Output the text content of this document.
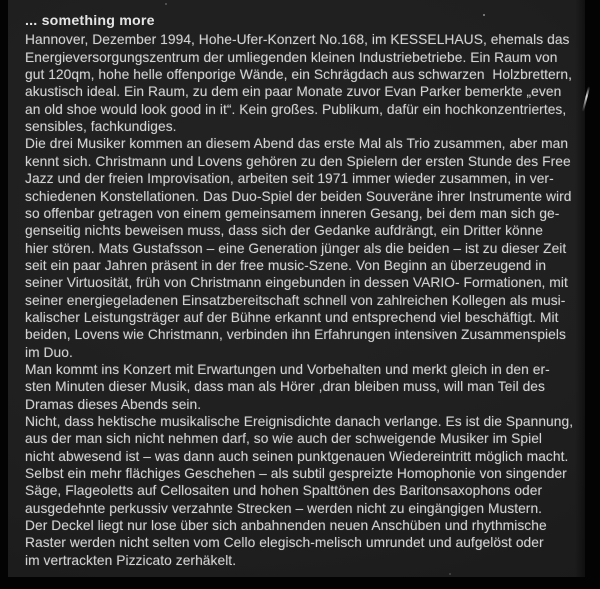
... something more
Hannover, Dezember 1994, Hohe-Ufer-Konzert No.168, im KESSELHAUS, ehemals das
Energieversorgungszentrum der umliegenden kleinen Industriebetriebe. Ein Raum von
gut 120qm, hohe helle offenporige Wände, ein Schrägdach aus schwarzen  Holzbrettern,
akustisch ideal. Ein Raum, zu dem ein paar Monate zuvor Evan Parker bemerkte „even
an old shoe would look good in it“. Kein großes. Publikum, dafür ein hochkonzentriertes,
sensibles, fachkundiges.
Die drei Musiker kommen an diesem Abend das erste Mal als Trio zusammen, aber man
kennt sich. Christmann und Lovens gehören zu den Spielern der ersten Stunde des Free
Jazz und der freien Improvisation, arbeiten seit 1971 immer wieder zusammen, in ver-
schiedenen Konstellationen. Das Duo-Spiel der beiden Souveräne ihrer Instrumente wird
so offenbar getragen von einem gemeinsamem inneren Gesang, bei dem man sich ge-
genseitig nichts beweisen muss, dass sich der Gedanke aufdrängt, ein Dritter könne
hier stören. Mats Gustafsson – eine Generation jünger als die beiden – ist zu dieser Zeit
seit ein paar Jahren präsent in der free music-Szene. Von Beginn an überzeugend in
seiner Virtuosität, früh von Christmann eingebunden in dessen VARIO- Formationen, mit
seiner energiegeladenen Einsatzbereitschaft schnell von zahlreichen Kollegen als musi-
kalischer Leistungsträger auf der Bühne erkannt und entsprechend viel beschäftigt. Mit
beiden, Lovens wie Christmann, verbinden ihn Erfahrungen intensiven Zusammenspiels
im Duo.
Man kommt ins Konzert mit Erwartungen und Vorbehalten und merkt gleich in den er-
sten Minuten dieser Musik, dass man als Hörer ,dran bleiben muss, will man Teil des
Dramas dieses Abends sein.
Nicht, dass hektische musikalische Ereignisdichte danach verlange. Es ist die Spannung,
aus der man sich nicht nehmen darf, so wie auch der schweigende Musiker im Spiel
nicht abwesend ist – was dann auch seinen punktgenauen Wiedereintritt möglich macht.
Selbst ein mehr flächiges Geschehen – als subtil gespreizte Homophonie von singender
Säge, Flageoletts auf Cellosaiten und hohen Spalttönen des Baritonsaxophons oder
ausgedehnte perkussiv verzahnte Strecken – werden nicht zu eingängigen Mustern.
Der Deckel liegt nur lose über sich anbahnenden neuen Anschüben und rhythmische
Raster werden nicht selten vom Cello elegisch-melisch umrundet und aufgelöst oder
im vertrackten Pizzicato zerhäkelt.
